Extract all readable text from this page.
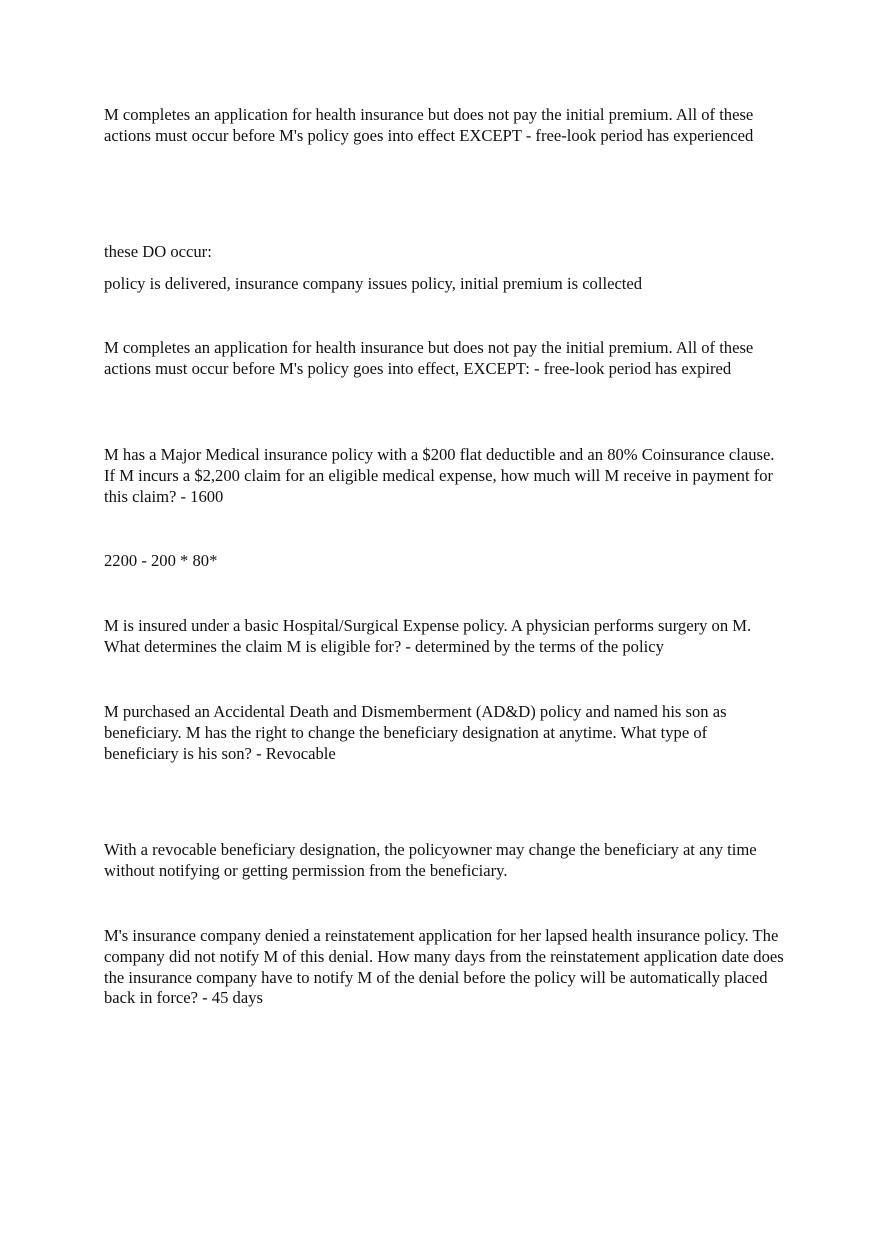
M completes an application for health insurance but does not pay the initial premium. All of these actions must occur before M's policy goes into effect EXCEPT - free-look period has experienced

these DO occur:

policy is delivered, insurance company issues policy, initial premium is collected

M completes an application for health insurance but does not pay the initial premium. All of these actions must occur before M's policy goes into effect, EXCEPT: - free-look period has expired

M has a Major Medical insurance policy with a $200 flat deductible and an 80% Coinsurance clause. If M incurs a $2,200 claim for an eligible medical expense, how much will M receive in payment for this claim? - 1600

2200 - 200 * 80*

M is insured under a basic Hospital/Surgical Expense policy. A physician performs surgery on M. What determines the claim M is eligible for? - determined by the terms of the policy

M purchased an Accidental Death and Dismemberment (AD&D) policy and named his son as beneficiary. M has the right to change the beneficiary designation at anytime. What type of beneficiary is his son? - Revocable

With a revocable beneficiary designation, the policyowner may change the beneficiary at any time without notifying or getting permission from the beneficiary.

M's insurance company denied a reinstatement application for her lapsed health insurance policy. The company did not notify M of this denial. How many days from the reinstatement application date does the insurance company have to notify M of the denial before the policy will be automatically placed back in force? - 45 days
